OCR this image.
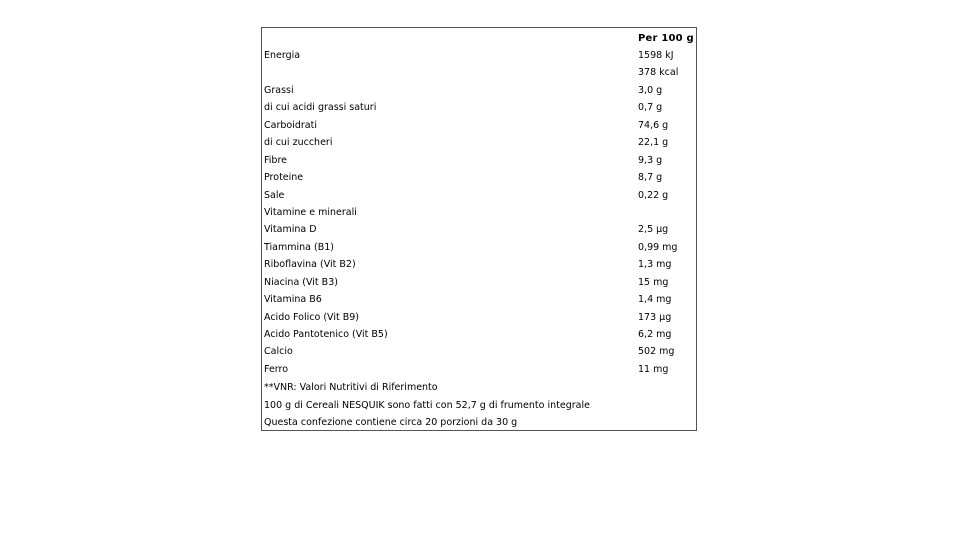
Per 100 g
Energia	1598 kJ
378 kcal
Grassi	3,0 g
di cui acidi grassi saturi	0,7 g
Carboidrati	74,6 g
di cui zuccheri	22,1 g
Fibre	9,3 g
Proteine	8,7 g
Sale	0,22 g
Vitamine e minerali
Vitamina D	2,5 µg
Tiammina (B1)	0,99 mg
Riboflavina (Vit B2)	1,3 mg
Niacina (Vit B3)	15 mg
Vitamina B6	1,4 mg
Acido Folico (Vit B9)	173 µg
Acido Pantotenico (Vit B5)	6,2 mg
Calcio	502 mg
Ferro	11 mg
**VNR: Valori Nutritivi di Riferimento
100 g di Cereali NESQUIK sono fatti con 52,7 g di frumento integrale
Questa confezione contiene circa 20 porzioni da 30 g
